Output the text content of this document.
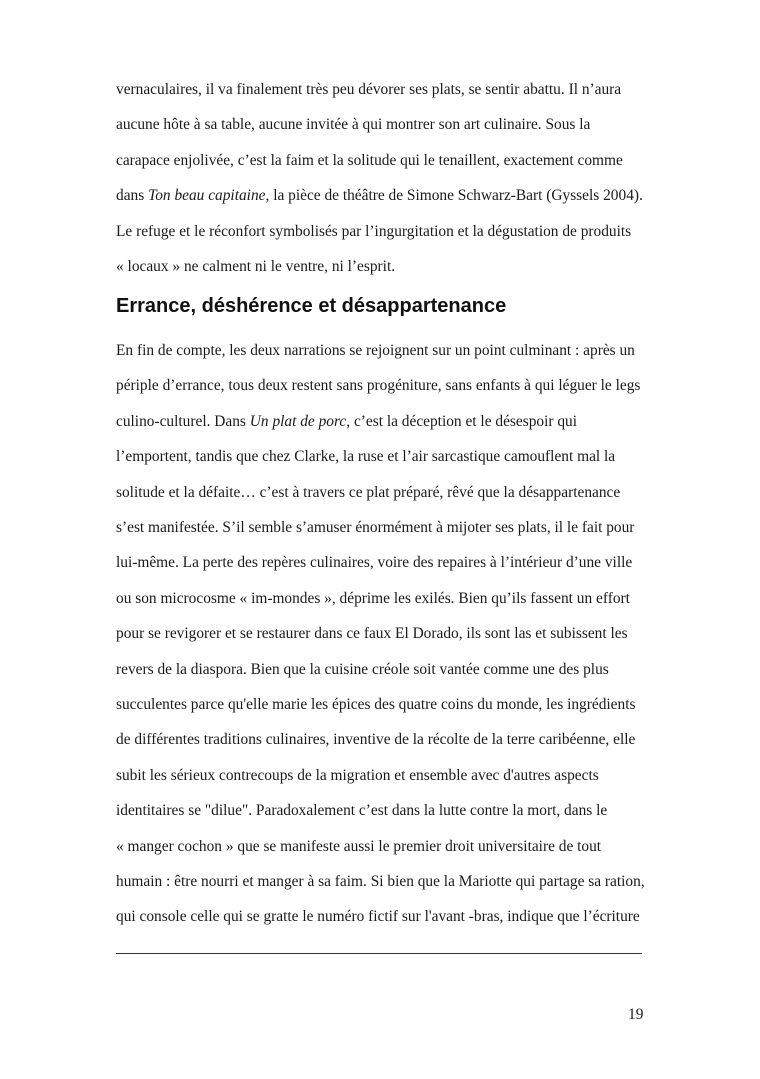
vernaculaires, il va finalement très peu dévorer ses plats, se sentir abattu. Il n’aura
aucune hôte à sa table, aucune invitée à qui montrer son art culinaire. Sous la
carapace enjolivée, c’est la faim et la solitude qui le tenaillent, exactement comme
dans Ton beau capitaine, la pièce de théâtre de Simone Schwarz-Bart (Gyssels 2004).
Le refuge et le réconfort symbolisés par l’ingurgitation et la dégustation de produits
« locaux » ne calment ni le ventre, ni l’esprit.
Errance, déshérence et désappartenance
En fin de compte, les deux narrations se rejoignent sur un point culminant : après un
périple d’errance, tous deux restent sans progéniture, sans enfants à qui léguer le legs
culino-culturel. Dans Un plat de porc, c’est la déception et le désespoir qui
l’emportent, tandis que chez Clarke, la ruse et l’air sarcastique camouflent mal la
solitude et la défaite… c’est à travers ce plat préparé, rêvé que la désappartenance
s’est manifestée. S’il semble s’amuser énormément à mijoter ses plats, il le fait pour
lui-même. La perte des repères culinaires, voire des repaires à l’intérieur d’une ville
ou son microcosme « im-mondes », déprime les exilés. Bien qu’ils fassent un effort
pour se revigorer et se restaurer dans ce faux El Dorado, ils sont las et subissent les
revers de la diaspora. Bien que la cuisine créole soit vantée comme une des plus
succulentes parce qu'elle marie les épices des quatre coins du monde, les ingrédients
de différentes traditions culinaires, inventive de la récolte de la terre caribéenne, elle
subit les sérieux contrecoups de la migration et ensemble avec d'autres aspects
identitaires se "dilue". Paradoxalement c’est dans la lutte contre la mort, dans le
« manger cochon » que se manifeste aussi le premier droit universitaire de tout
humain : être nourri et manger à sa faim. Si bien que la Mariotte qui partage sa ration,
qui console celle qui se gratte le numéro fictif sur l'avant -bras, indique que l’écriture
19
